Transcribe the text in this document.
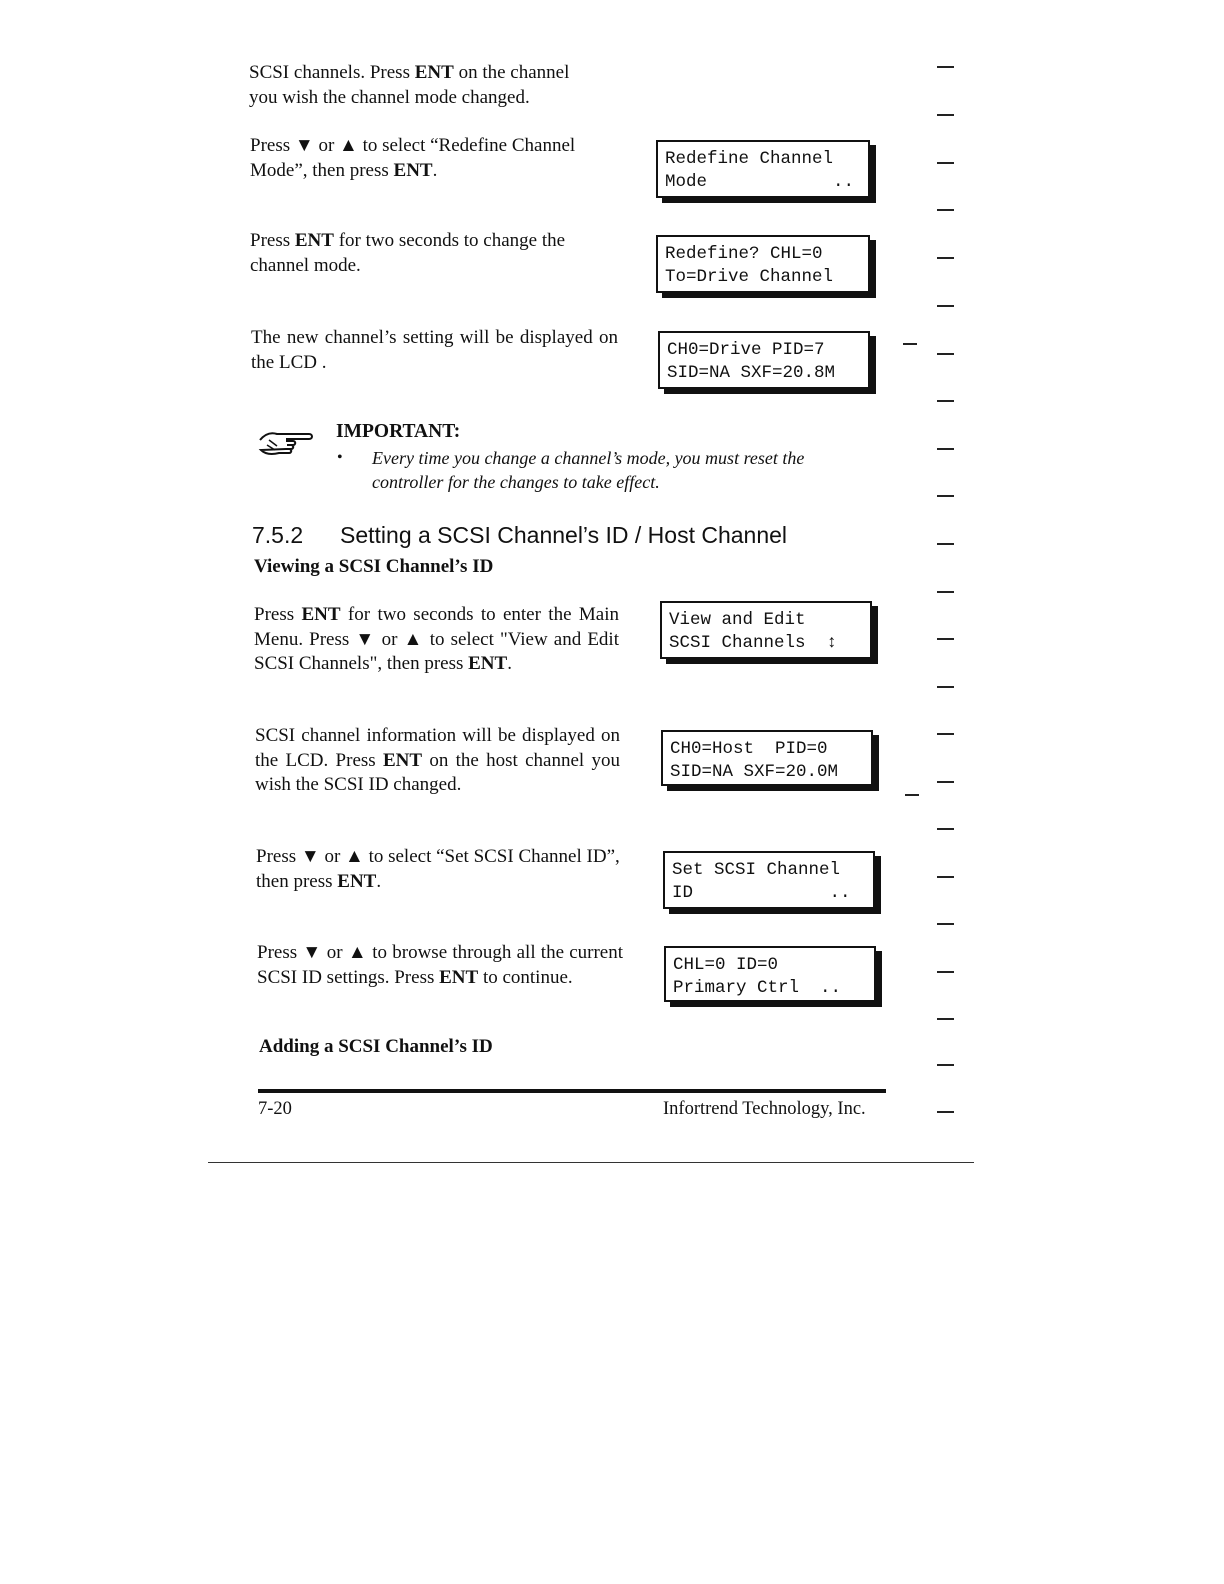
SCSI channels. Press ENT on the channel
you wish the channel mode changed.
Press ▼ or ▲ to select “Redefine Channel Mode”, then press ENT.
Redefine Channel
Mode            ..
Press ENT for two seconds to change the channel mode.
Redefine? CHL=0
To=Drive Channel
The new channel’s setting will be displayed on the LCD .
CH0=Drive PID=7
SID=NA SXF=20.8M
IMPORTANT:
• Every time you change a channel’s mode, you must reset the controller for the changes to take effect.
7.5.2 Setting a SCSI Channel’s ID / Host Channel
Viewing a SCSI Channel’s ID
Press ENT for two seconds to enter the Main Menu. Press ▼ or ▲ to select "View and Edit SCSI Channels", then press ENT.
View and Edit
SCSI Channels  ↕
SCSI channel information will be displayed on the LCD. Press ENT on the host channel you wish the SCSI ID changed.
CH0=Host  PID=0
SID=NA SXF=20.0M
Press ▼ or ▲ to select “Set SCSI Channel ID”, then press ENT.
Set SCSI Channel
ID             ..
Press ▼ or ▲ to browse through all the current SCSI ID settings. Press ENT to continue.
CHL=0 ID=0
Primary Ctrl  ..
Adding a SCSI Channel’s ID
7-20	Infortrend Technology, Inc.
